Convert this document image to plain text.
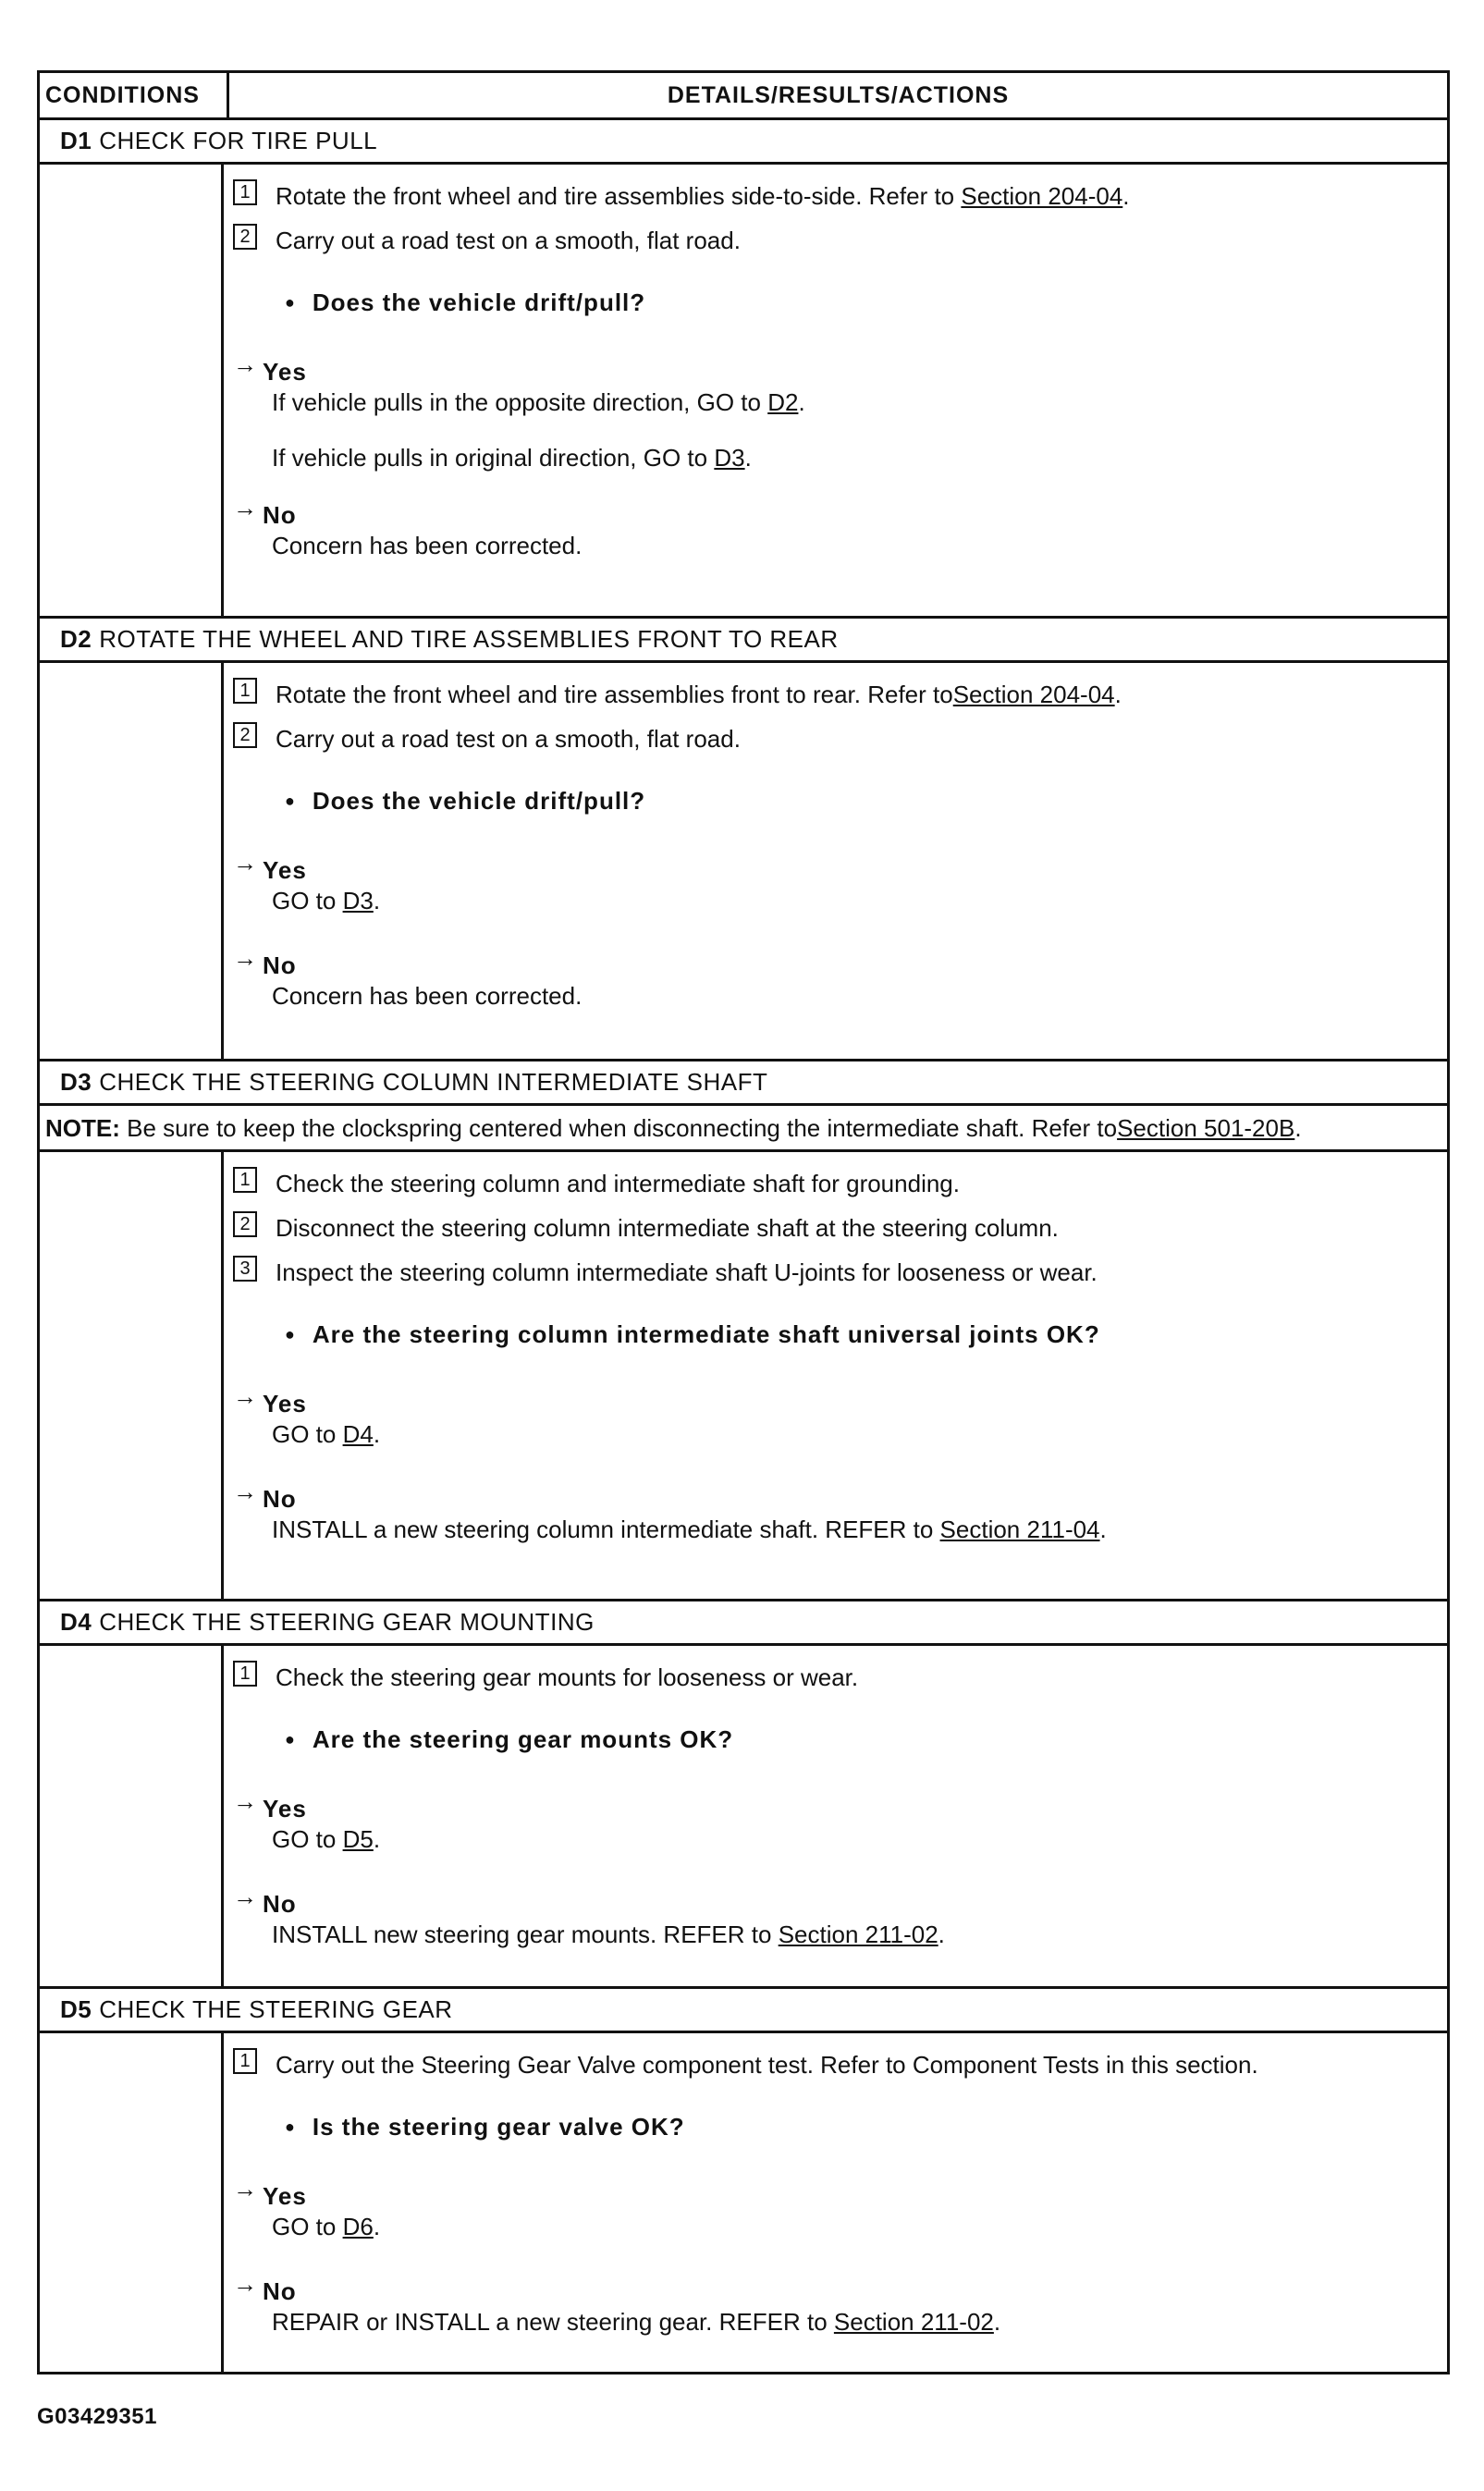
CONDITIONS	DETAILS/RESULTS/ACTIONS
D1 CHECK FOR TIRE PULL
1 Rotate the front wheel and tire assemblies side-to-side. Refer to Section 204-04.
2 Carry out a road test on a smooth, flat road.
● Does the vehicle drift/pull?
→ Yes
If vehicle pulls in the opposite direction, GO to D2.
If vehicle pulls in original direction, GO to D3.
→ No
Concern has been corrected.
D2 ROTATE THE WHEEL AND TIRE ASSEMBLIES FRONT TO REAR
1 Rotate the front wheel and tire assemblies front to rear. Refer toSection 204-04.
2 Carry out a road test on a smooth, flat road.
● Does the vehicle drift/pull?
→ Yes
GO to D3.
→ No
Concern has been corrected.
D3 CHECK THE STEERING COLUMN INTERMEDIATE SHAFT
NOTE: Be sure to keep the clockspring centered when disconnecting the intermediate shaft. Refer toSection 501-20B.
1 Check the steering column and intermediate shaft for grounding.
2 Disconnect the steering column intermediate shaft at the steering column.
3 Inspect the steering column intermediate shaft U-joints for looseness or wear.
● Are the steering column intermediate shaft universal joints OK?
→ Yes
GO to D4.
→ No
INSTALL a new steering column intermediate shaft. REFER to Section 211-04.
D4 CHECK THE STEERING GEAR MOUNTING
1 Check the steering gear mounts for looseness or wear.
● Are the steering gear mounts OK?
→ Yes
GO to D5.
→ No
INSTALL new steering gear mounts. REFER to Section 211-02.
D5 CHECK THE STEERING GEAR
1 Carry out the Steering Gear Valve component test. Refer to Component Tests in this section.
● Is the steering gear valve OK?
→ Yes
GO to D6.
→ No
REPAIR or INSTALL a new steering gear. REFER to Section 211-02.
G03429351
